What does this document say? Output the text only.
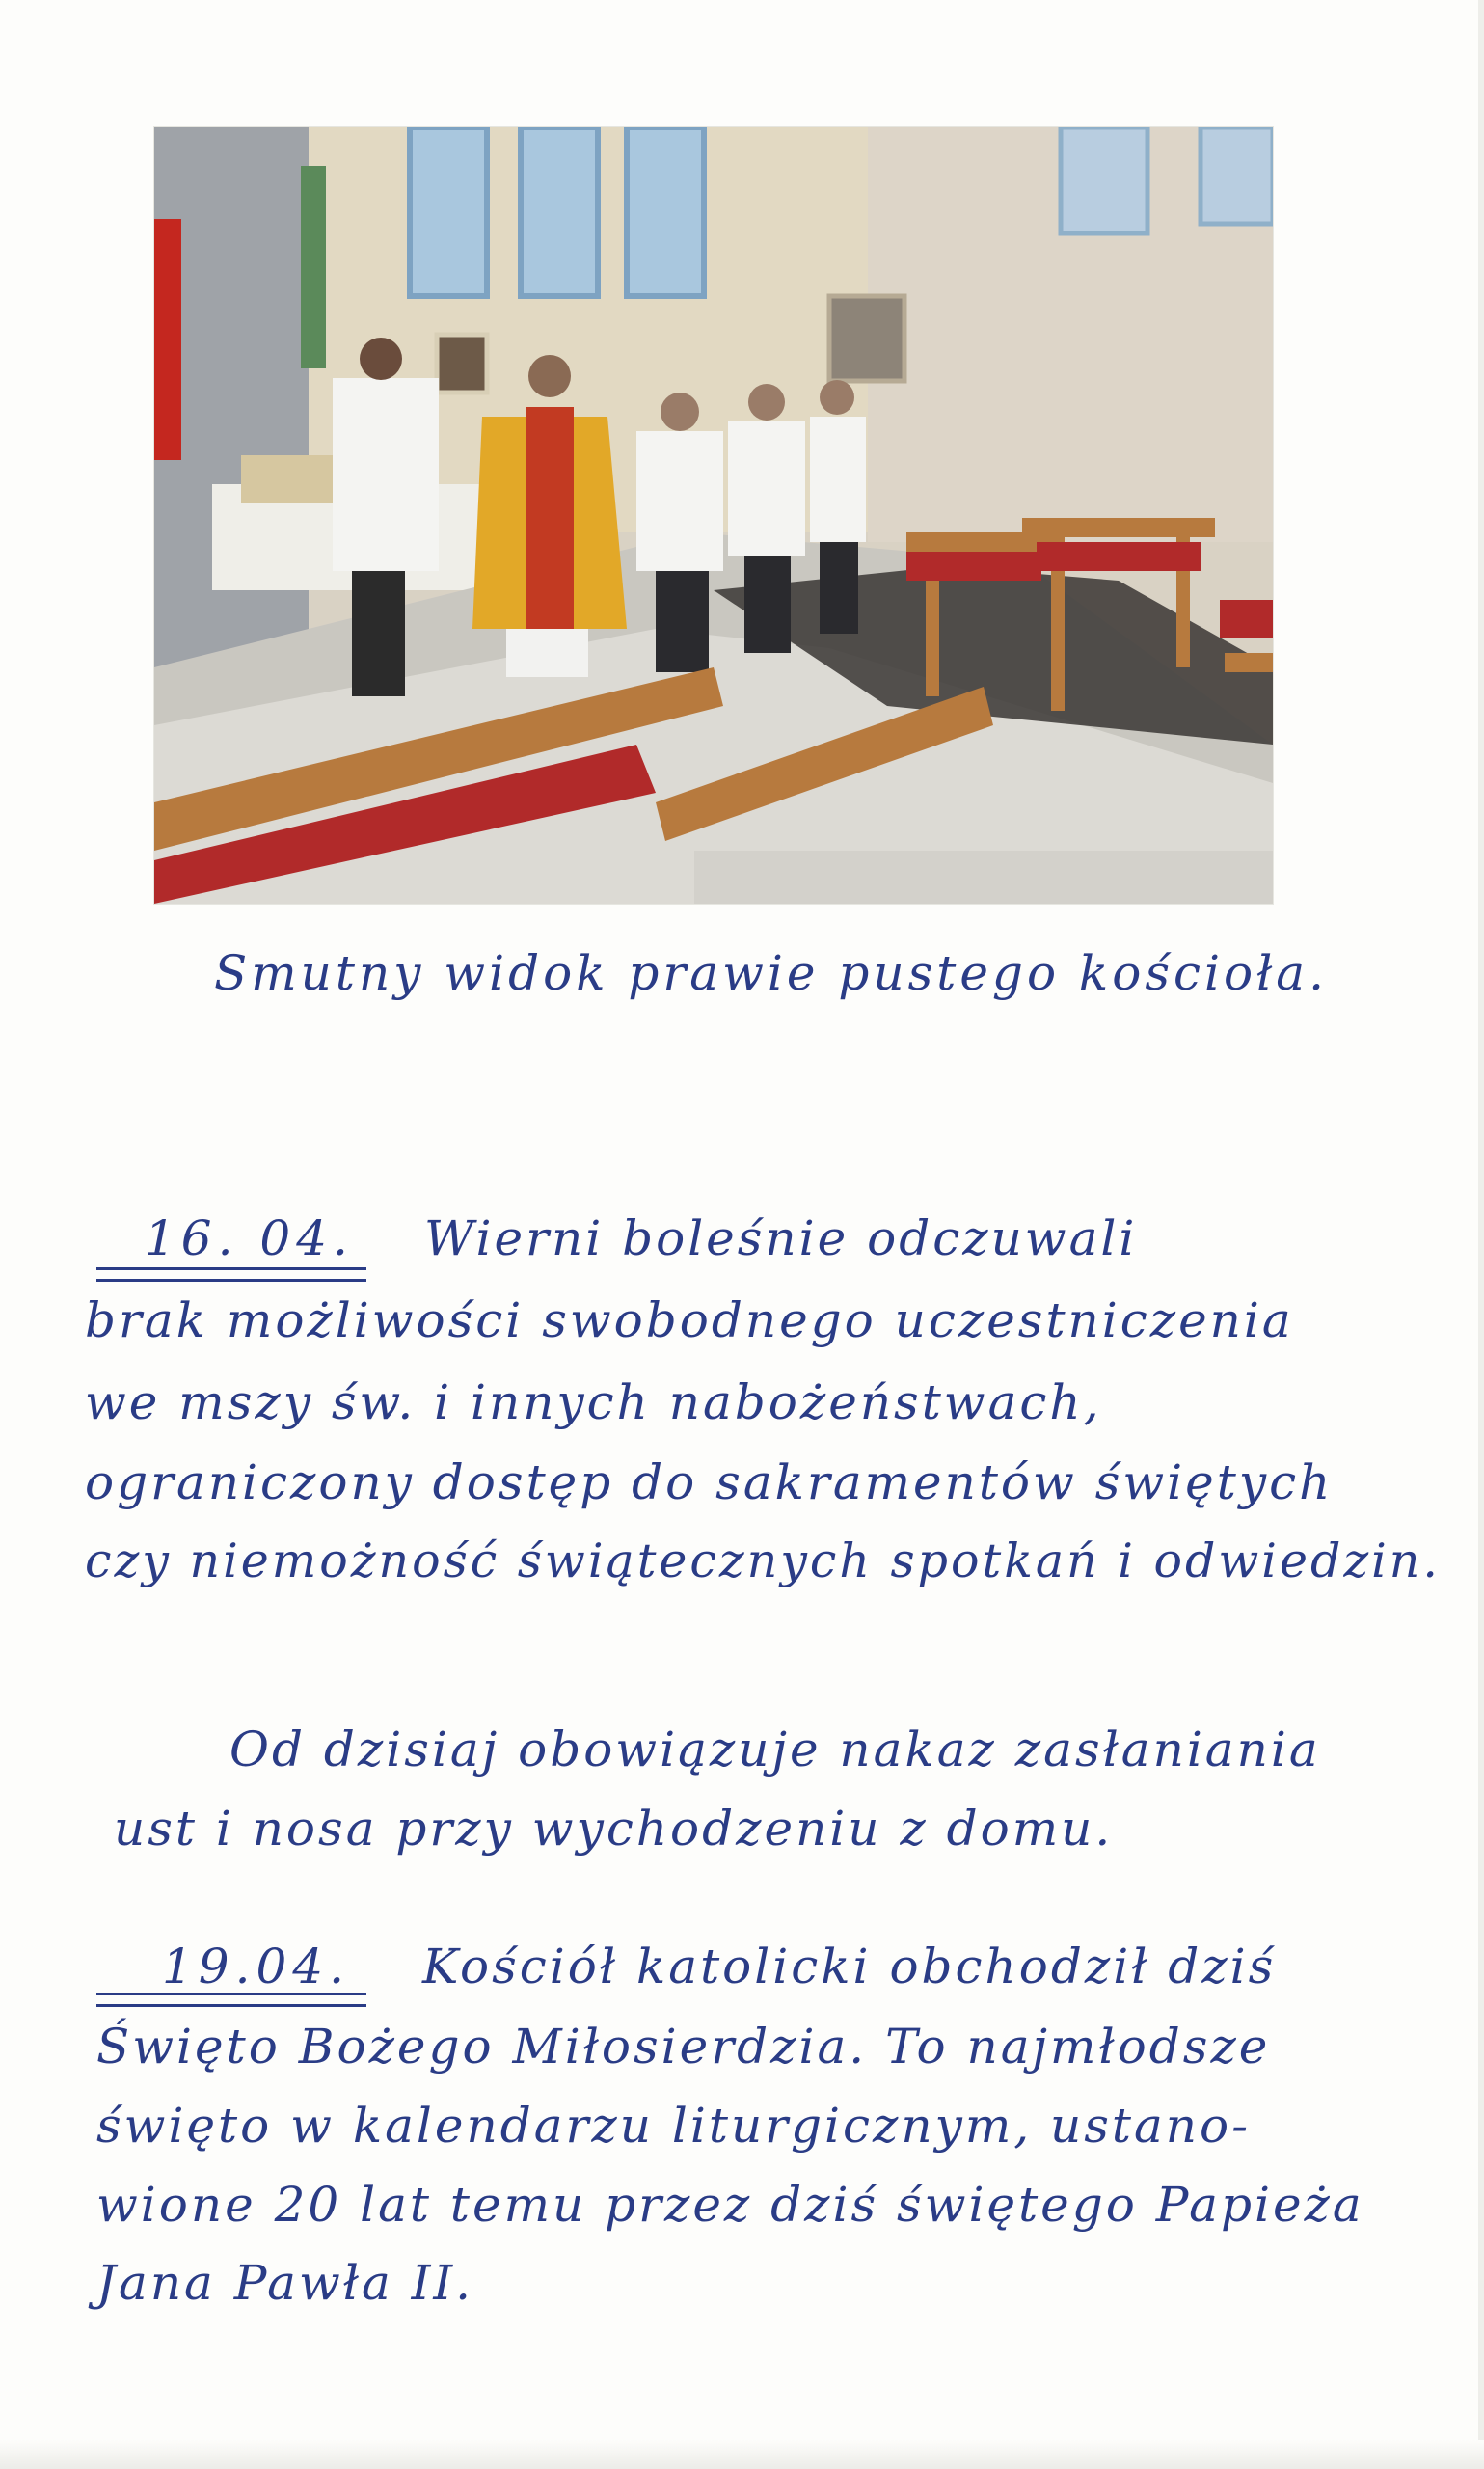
Smutny widok prawie pustego kościoła.
16. 04. Wierni boleśnie odczuwali
brak możliwości swobodnego uczestniczenia
we mszy św. i innych nabożeństwach,
ograniczony dostęp do sakramentów świętych
czy niemożność świątecznych spotkań i odwiedzin.
Od dzisiaj obowiązuje nakaz zasłaniania
ust i nosa przy wychodzeniu z domu.
19.04. Kościół katolicki obchodził dziś
Święto Bożego Miłosierdzia. To najmłodsze
święto w kalendarzu liturgicznym, ustano-
wione 20 lat temu przez dziś świętego Papieża
Jana Pawła II.
